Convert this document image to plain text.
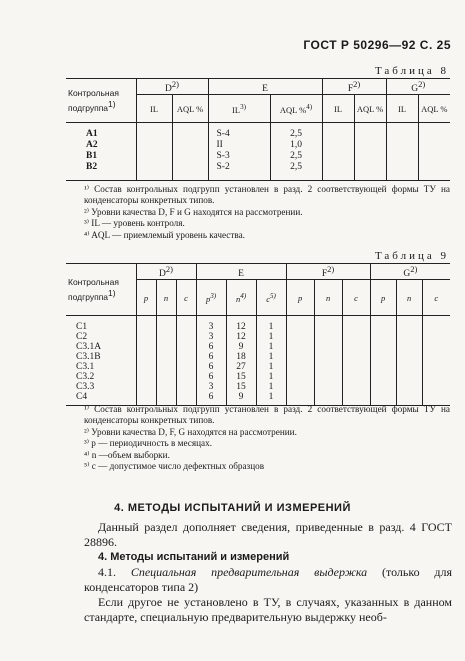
ГОСТ Р 50296—92 С. 25
Таблица 8
Контрольная подгруппа$^{1)}$	$D^{2)}$		E		$F^{2)}$		$G^{2)}$
	IL	AQL %	IL$^{3)}$	AQL %$^{4)}$	IL	AQL %	IL	AQL %

A1			S-4	2,5				
A2			II	1,0				
B1			S-3	2,5				
B2			S-2	2,5				

¹⁾ Состав контрольных подгрупп установлен в разд. 2 соответствующей формы ТУ на конденсаторы конкретных типов.

²⁾ Уровни качества D, F и G находятся на рассмотрении.

³⁾ IL — уровень контроля.

⁴⁾ AQL — приемлемый уровень качества.

Таблица 9
Контрольная подгруппа$^{1)}$	$D^{2)}$			E			$F^{2)}$			$G^{2)}$
	p	n	c	$p^{3)}$	$n^{4)}$	$c^{5)}$	p	n	c	p	n	c

C1				3	12	1						
C2				3	12	1						
C3.1A				6	9	1						
C3.1B				6	18	1						
C3.1				6	27	1						
C3.2				6	15	1						
C3.3				3	15	1						
C4				6	9	1						

¹⁾ Состав контрольных подгрупп установлен в разд. 2 соответствующей формы ТУ на конденсаторы конкретных типов.

²⁾ Уровни качества D, F, G находятся на рассмотрении.

³⁾ p — периодичность в месяцах.

⁴⁾ n —объем выборки.

⁵⁾ c — допустимое число дефектных образцов

4. МЕТОДЫ ИСПЫТАНИЙ И ИЗМЕРЕНИЙ

Данный раздел дополняет сведения, приведенные в разд. 4 ГОСТ 28896.

4. Методы испытаний и измерений

4.1. Специальная предварительная выдержка (только для конденсаторов типа 2)

Если другое не установлено в ТУ, в случаях, указанных в данном стандарте, специальную предварительную выдержку необ-
